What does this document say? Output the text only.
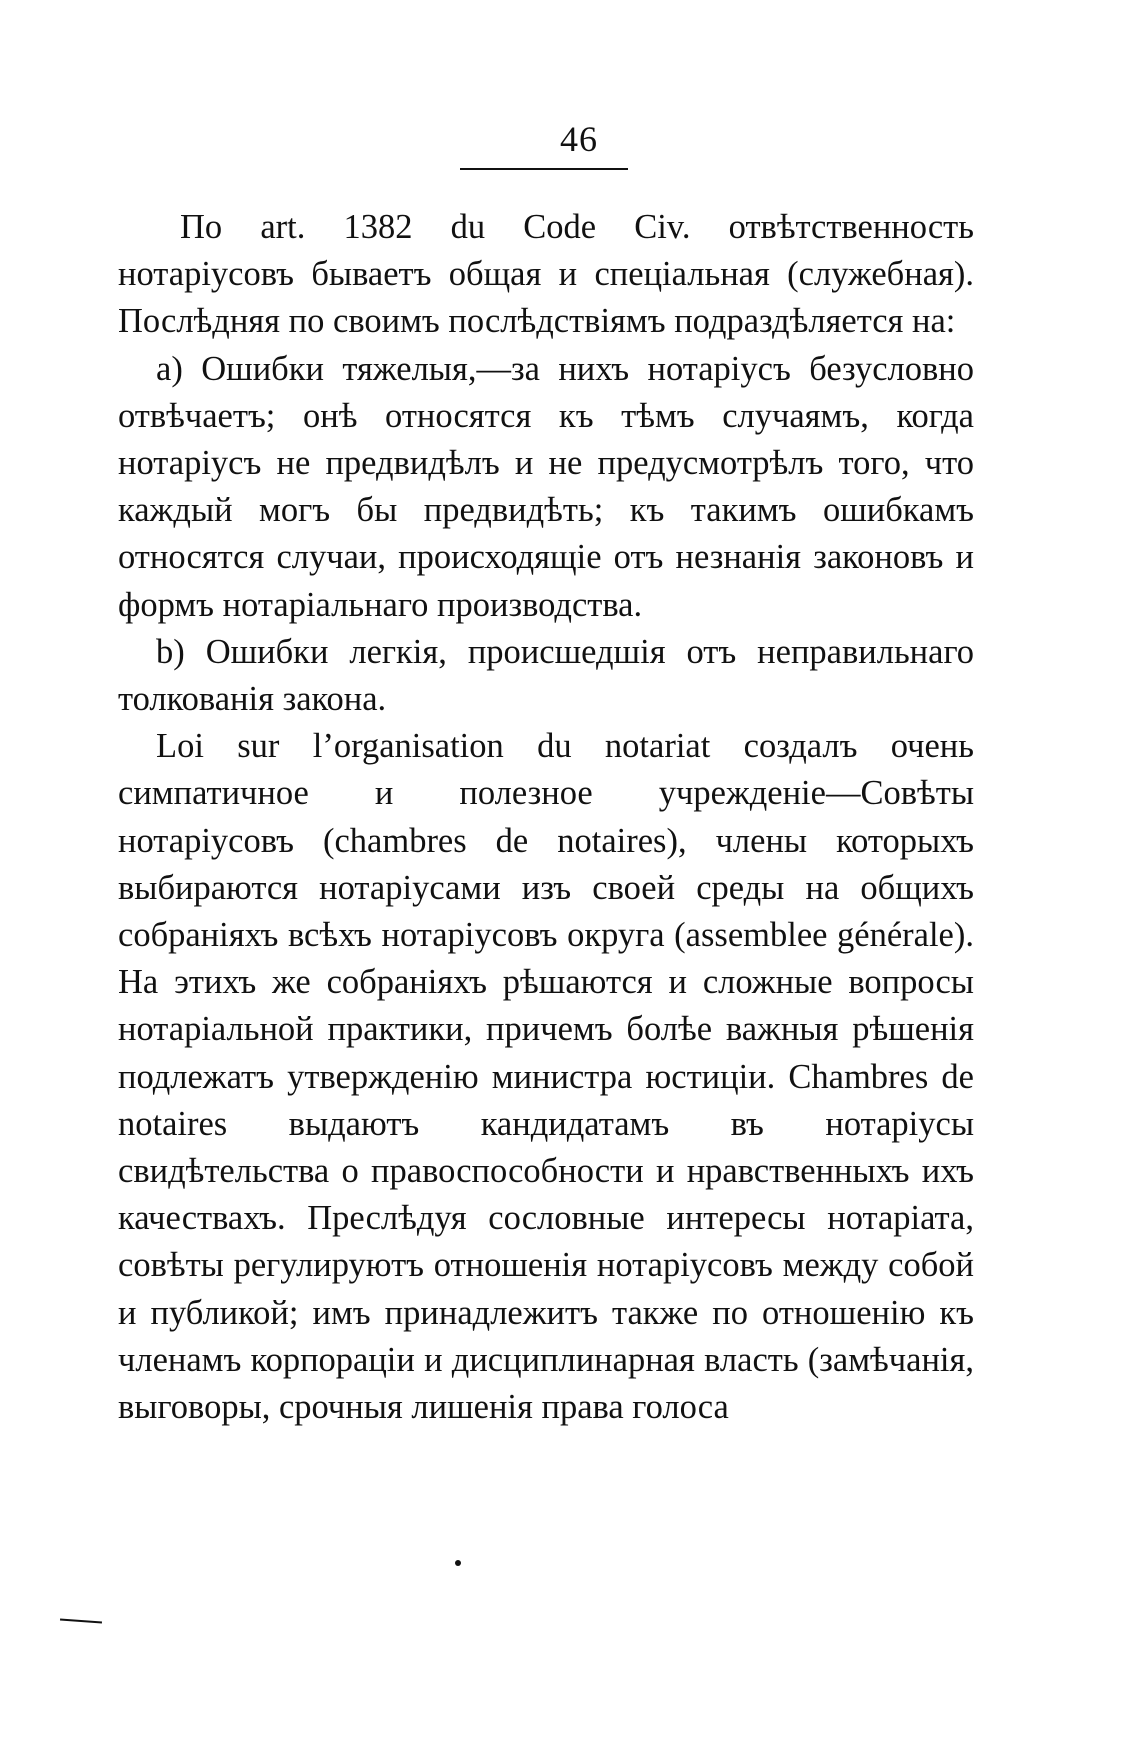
46

По art. 1382 du Code Civ. отвѣтственность нотаріусовъ бываетъ общая и спеціальная (служебная). Послѣдняя по своимъ послѣдствіямъ подраздѣляется на:

a) Ошибки тяжелыя,—за нихъ нотаріусъ безусловно отвѣчаетъ; онѣ относятся къ тѣмъ случаямъ, когда нотаріусъ не предвидѣлъ и не предусмотрѣлъ того, что каждый могъ бы предвидѣть; къ такимъ ошибкамъ относятся случаи, происходящіе отъ незнанія законовъ и формъ нотаріальнаго производства.

b) Ошибки легкія, происшедшія отъ неправильнаго толкованія закона.

Loi sur l’organisation du notariat создалъ очень симпатичное и полезное учрежденіе—Совѣты нотаріусовъ (chambres de notaires), члены которыхъ выбираются нотаріусами изъ своей среды на общихъ собраніяхъ всѣхъ нотаріусовъ округа (assemblee générale). На этихъ же собраніяхъ рѣшаются и сложные вопросы нотаріальной практики, причемъ болѣе важныя рѣшенія подлежатъ утвержденію министра юстиціи. Chambres de notaires выдаютъ кандидатамъ въ нотаріусы свидѣтельства о правоспособности и нравственныхъ ихъ качествахъ. Преслѣдуя сословные интересы нотаріата, совѣты регулируютъ отношенія нотаріусовъ между собой и публикой; имъ принадлежитъ также по отношенію къ членамъ корпораціи и дисциплинарная власть (замѣчанія, выговоры, срочныя лишенія права голоса
